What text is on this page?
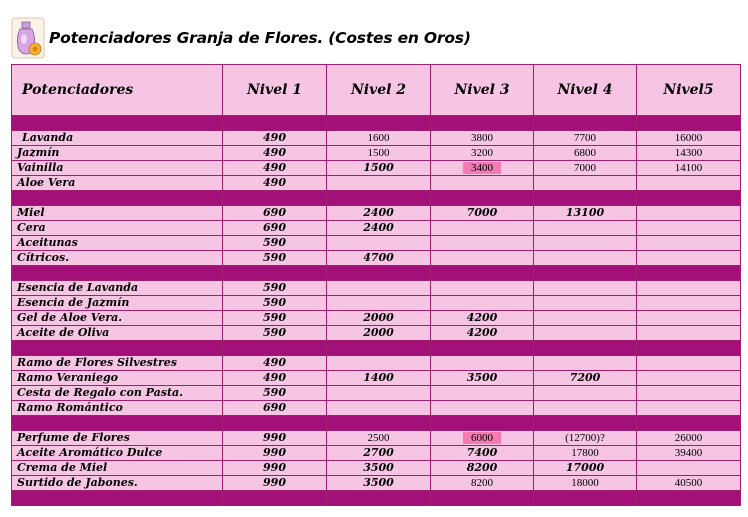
Potenciadores Granja de Flores. (Costes en Oros)
Potenciadores	Nivel 1	Nivel 2	Nivel 3	Nivel 4	Nivel5

Lavanda	490	1600	3800	7700	16000
Jazmín	490	1500	3200	6800	14300
Vainilla	490	1500	3400	7000	14100
Aloe Vera	490				

Miel	690	2400	7000	13100	
Cera	690	2400			
Aceitunas	590				
Cítricos.	590	4700			

Esencia de Lavanda	590				
Esencia de Jazmín	590				
Gel de Aloe Vera.	590	2000	4200		
Aceite de Oliva	590	2000	4200		

Ramo de Flores Silvestres	490				
Ramo Veraniego	490	1400	3500	7200	
Cesta de Regalo con Pasta.	590				
Ramo Romántico	690				

Perfume de Flores	990	2500	6000	(12700)?	26000
Aceite Aromático Dulce	990	2700	7400	17800	39400
Crema de Miel	990	3500	8200	17000	
Surtido de Jabones.	990	3500	8200	18000	40500
